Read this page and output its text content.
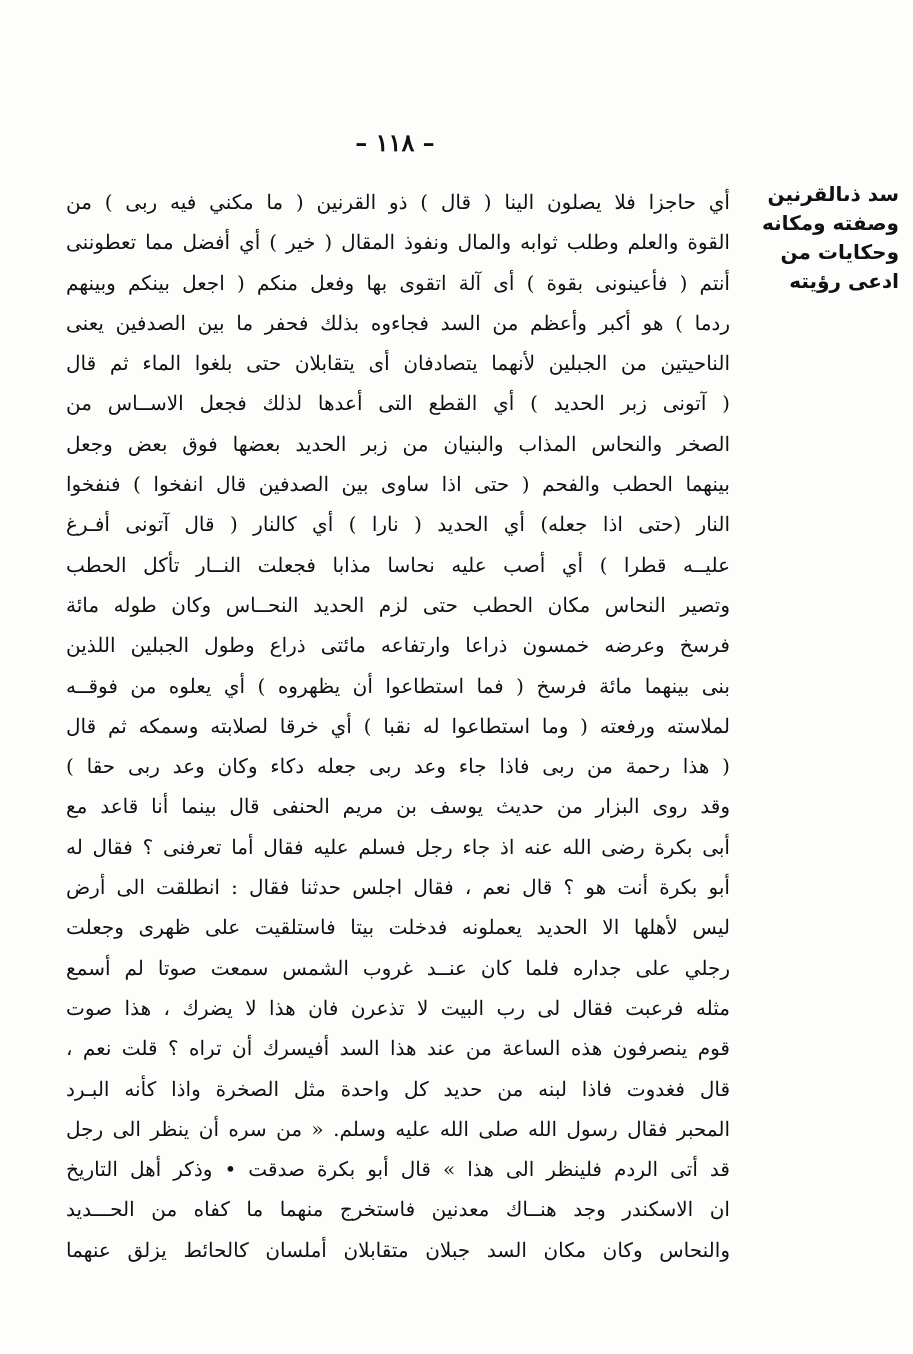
– ١١٨ –
سد ذىالقرنين
وصفته ومكانه
وحكايات من
ادعى رؤيته
أي حاجزا فلا يصلون الينا ( قال ) ذو القرنين ( ما مكني فيه ربى ) من
القوة والعلم وطلب ثوابه والمال ونفوذ المقال ( خير ) أي أفضل مما تعطوننى
أنتم ( فأعينونى بقوة ) أى آلة اتقوى بها وفعل منكم ( اجعل بينكم وبينهم
ردما ) هو أكبر وأعظم من السد فجاءوه بذلك فحفر ما بين الصدفين يعنى
الناحيتين من الجبلين لأنهما يتصادفان أى يتقابلان حتى بلغوا الماء ثم قال
( آتونى زبر الحديد ) أي القطع التى أعدها لذلك فجعل الاســاس من
الصخر والنحاس المذاب والبنيان من زبر الحديد بعضها فوق بعض وجعل
بينهما الحطب والفحم ( حتى اذا ساوى بين الصدفين قال انفخوا ) فنفخوا
النار (حتى اذا جعله) أي الحديد ( نارا ) أي كالنار ( قال آتونى أفـرغ
عليــه قطرا ) أي أصب عليه نحاسا مذابا فجعلت النــار تأكل الحطب
وتصير النحاس مكان الحطب حتى لزم الحديد النحــاس وكان طوله مائة
فرسخ وعرضه خمسون ذراعا وارتفاعه مائتى ذراع وطول الجبلين اللذين
بنى بينهما مائة فرسخ ( فما استطاعوا أن يظهروه ) أي يعلوه من فوقــه
لملاسته ورفعته ( وما استطاعوا له نقبا ) أي خرقا لصلابته وسمكه ثم قال
( هذا رحمة من ربى فاذا جاء وعد ربى جعله دكاء وكان وعد ربى حقا )
وقد روى البزار من حديث يوسف بن مريم الحنفى قال بينما أنا قاعد مع
أبى بكرة رضى الله عنه اذ جاء رجل فسلم عليه فقال أما تعرفنى ؟ فقال له
أبو بكرة أنت هو ؟ قال نعم ، فقال اجلس حدثنا فقال : انطلقت الى أرض
ليس لأهلها الا الحديد يعملونه فدخلت بيتا فاستلقيت على ظهرى وجعلت
رجلي على جداره فلما كان عنــد غروب الشمس سمعت صوتا لم أسمع
مثله فرعبت فقال لى رب البيت لا تذعرن فان هذا لا يضرك ، هذا صوت
قوم ينصرفون هذه الساعة من عند هذا السد أفيسرك أن تراه ؟ قلت نعم ،
قال فغدوت فاذا لبنه من حديد كل واحدة مثل الصخرة واذا كأنه البـرد
المحبر فقال رسول الله صلى الله عليه وسلم. « من سره أن ينظر الى رجل
قد أتى الردم فلينظر الى هذا » قال أبو بكرة صدقت • وذكر أهل التاريخ
ان الاسكندر وجد هنــاك معدنين فاستخرج منهما ما كفاه من الحـــديد
والنحاس وكان مكان السد جبلان متقابلان أملسان كالحائط يزلق عنهما
